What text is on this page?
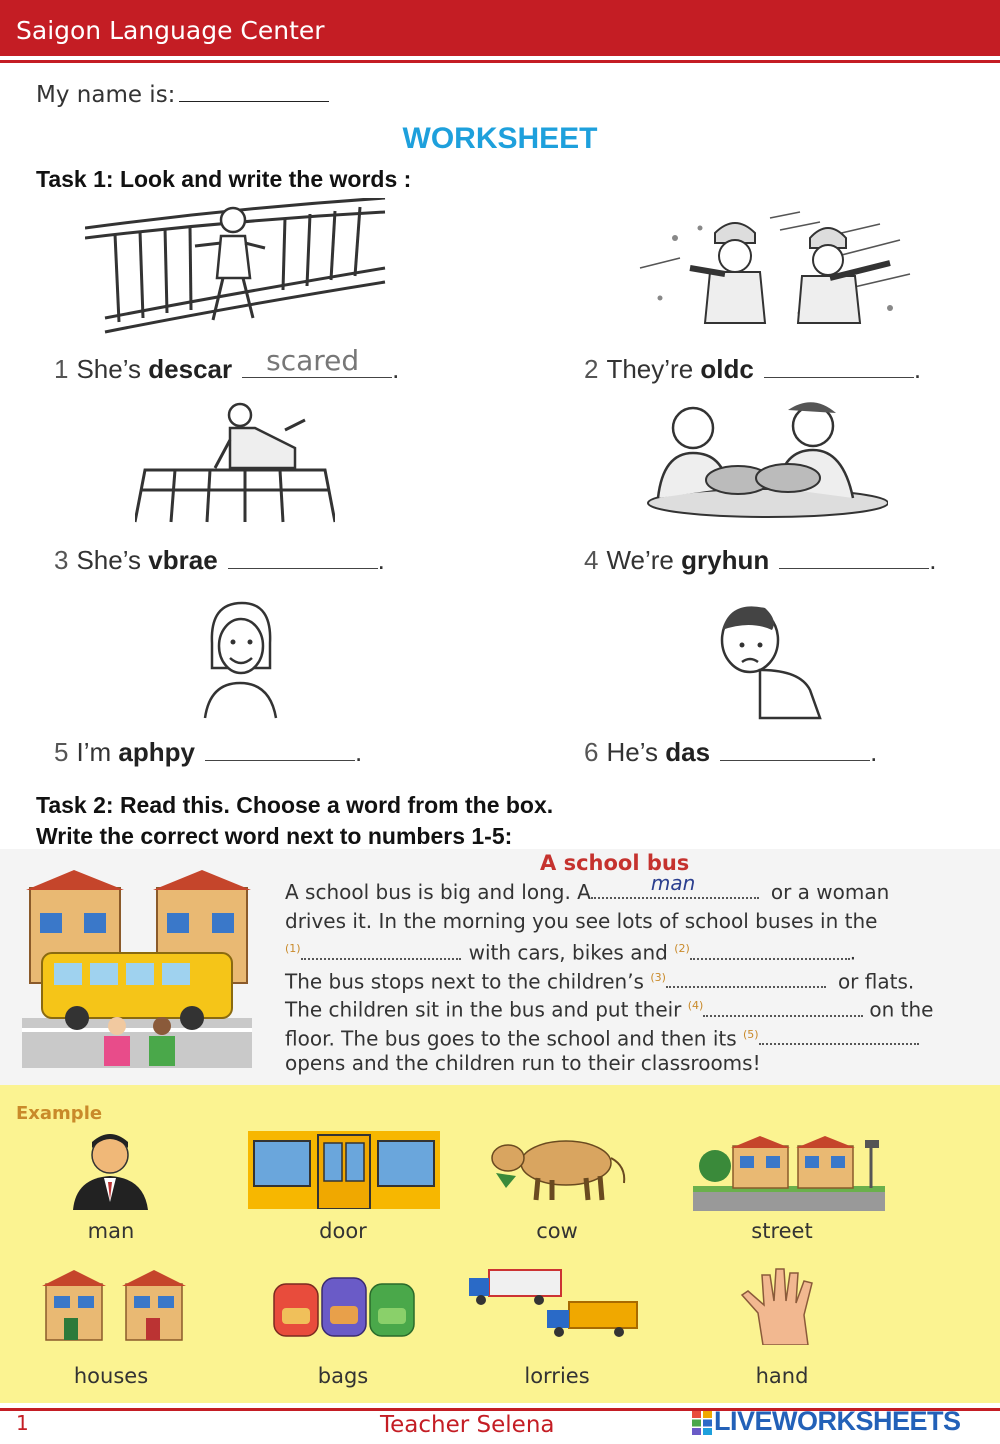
Saigon Language Center
My name is:
WORKSHEET
Task 1: Look and write the words :
1 She’s descar scared .	2 They’re oldc	.
3 She’s vbrae	.	4 We’re gryhun	.
5 I’m aphpy	.	6 He’s das	.
Task 2: Read this. Choose a word from the box.
Write the correct word next to numbers 1-5:
A school bus
A school bus is big and long. A	man	or a woman
drives it. In the morning you see lots of school buses in the
$^{(1)}$	with cars, bikes and $^{(2)}$	.
The bus stops next to the children’s $^{(3)}$	or flats.
The children sit in the bus and put their $^{(4)}$	on the
floor. The bus goes to the school and then its $^{(5)}$
opens and the children run to their classrooms!
Example
man	door	cow	street
houses	bags	lorries	hand
1	Teacher Selena	LIVEWORKSHEETS
